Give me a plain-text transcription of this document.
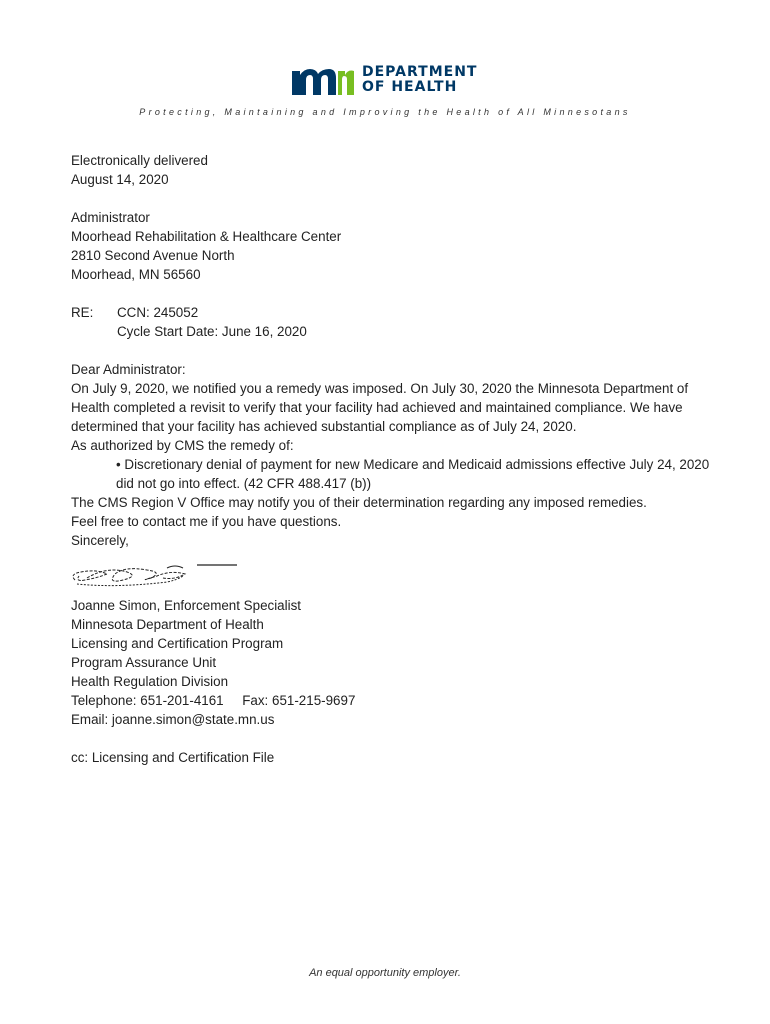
DEPARTMENT
OF HEALTH
Protecting, Maintaining and Improving the Health of All Minnesotans

Electronically delivered

August 14, 2020

Administrator

Moorhead Rehabilitation & Healthcare Center

2810 Second Avenue North

Moorhead, MN 56560

RE:	CCN: 245052

Cycle Start Date: June 16, 2020

Dear Administrator:

On July 9, 2020, we notified you a remedy was imposed. On July 30, 2020 the Minnesota Department of Health completed a revisit to verify that your facility had achieved and maintained compliance. We have determined that your facility has achieved substantial compliance as of July 24, 2020.

As authorized by CMS the remedy of:

• Discretionary denial of payment for new Medicare and Medicaid admissions effective July 24, 2020 did not go into effect. (42 CFR 488.417 (b))

The CMS Region V Office may notify you of their determination regarding any imposed remedies.

Feel free to contact me if you have questions.

Sincerely,

Joanne Simon, Enforcement Specialist

Minnesota Department of Health

Licensing and Certification Program

Program Assurance Unit

Health Regulation Division

Telephone: 651-201-4161     Fax: 651-215-9697

Email: joanne.simon@state.mn.us

cc: Licensing and Certification File

An equal opportunity employer.
